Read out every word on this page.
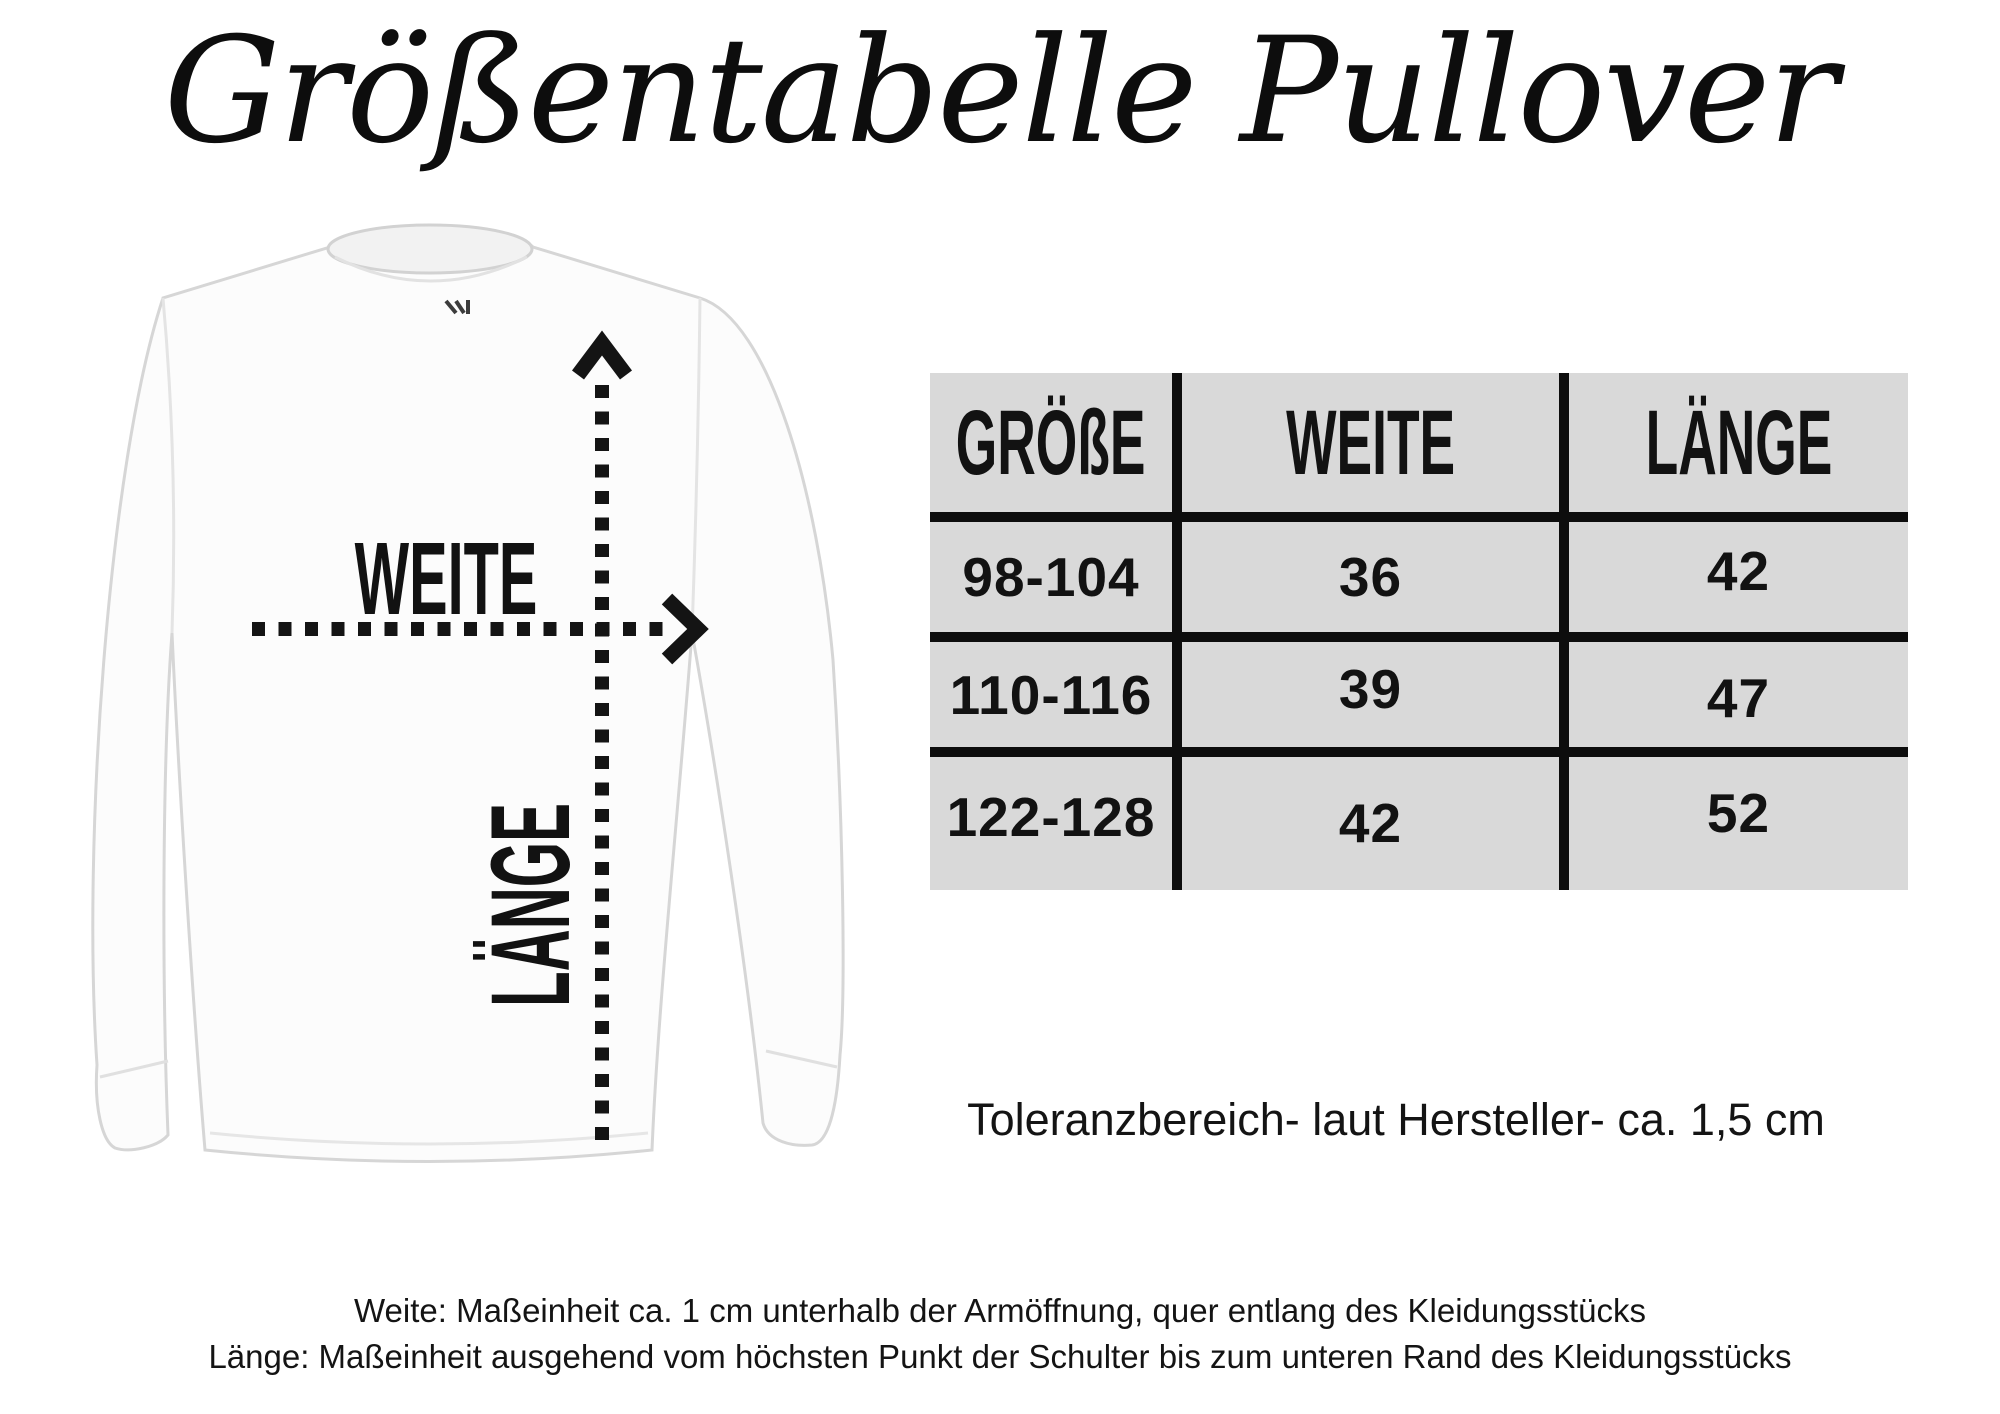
Größentabelle Pullover
WEITE
LÄNGE
GRÖßE WEITE LÄNGE
98-104	36	42
110-116	39	47
122-128	42	52
Toleranzbereich- laut Hersteller- ca. 1,5 cm
Weite: Maßeinheit ca. 1 cm unterhalb der Armöffnung, quer entlang des Kleidungsstücks
Länge: Maßeinheit ausgehend vom höchsten Punkt der Schulter bis zum unteren Rand des Kleidungsstücks
